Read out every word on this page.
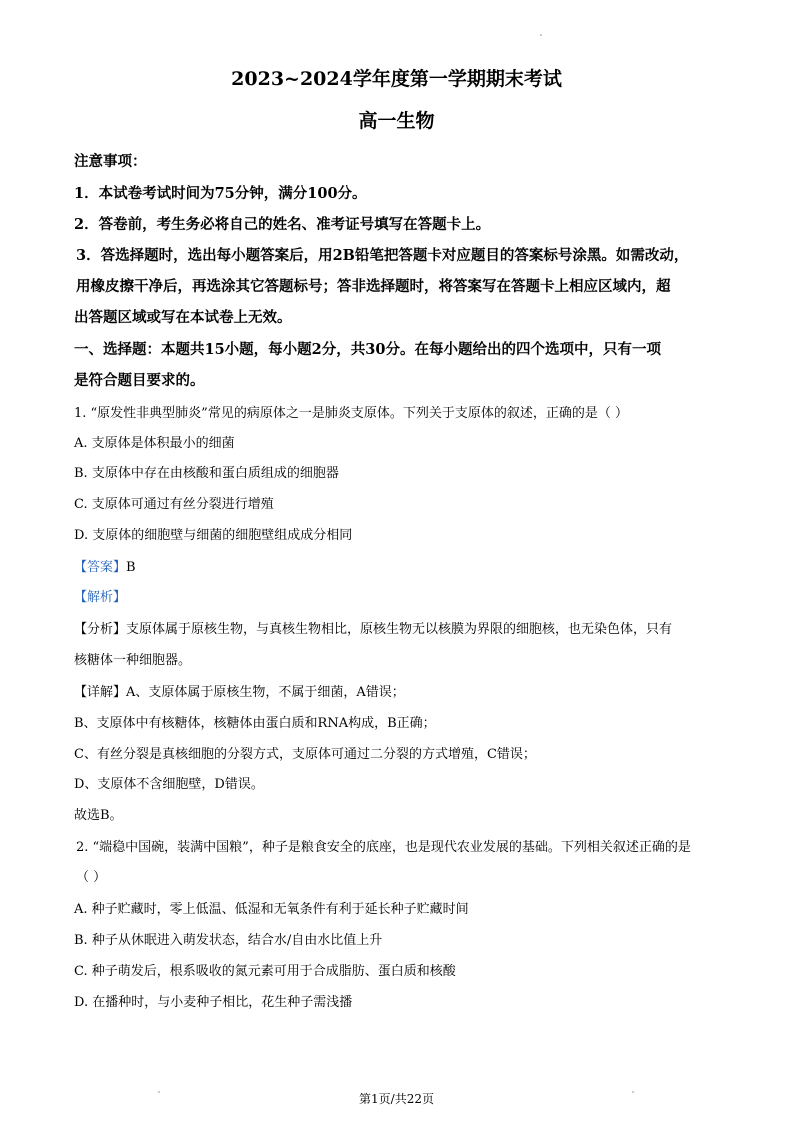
2023~2024学年度第一学期期末考试
高一生物
注意事项：
1．本试卷考试时间为75分钟，满分100分。
2．答卷前，考生务必将自己的姓名、准考证号填写在答题卡上。
3．答选择题时，选出每小题答案后，用2B铅笔把答题卡对应题目的答案标号涂黑。如需改动，
用橡皮擦干净后，再选涂其它答题标号；答非选择题时，将答案写在答题卡上相应区域内，超
出答题区域或写在本试卷上无效。
一、选择题：本题共15小题，每小题2分，共30分。在每小题给出的四个选项中，只有一项
是符合题目要求的。
1. “原发性非典型肺炎”常见的病原体之一是肺炎支原体。下列关于支原体的叙述，正确的是（ ）
A. 支原体是体积最小的细菌
B. 支原体中存在由核酸和蛋白质组成的细胞器
C. 支原体可通过有丝分裂进行增殖
D. 支原体的细胞壁与细菌的细胞壁组成成分相同
【答案】B
【解析】
【分析】支原体属于原核生物，与真核生物相比，原核生物无以核膜为界限的细胞核，也无染色体，只有
核糖体一种细胞器。
【详解】A、支原体属于原核生物，不属于细菌，A错误；
B、支原体中有核糖体，核糖体由蛋白质和RNA构成，B正确；
C、有丝分裂是真核细胞的分裂方式，支原体可通过二分裂的方式增殖，C错误；
D、支原体不含细胞壁，D错误。
故选B。
2. “端稳中国碗，装满中国粮”，种子是粮食安全的底座，也是现代农业发展的基础。下列相关叙述正确的是
（ ）
A. 种子贮藏时，零上低温、低湿和无氧条件有利于延长种子贮藏时间
B. 种子从休眠进入萌发状态，结合水/自由水比值上升
C. 种子萌发后，根系吸收的氮元素可用于合成脂肪、蛋白质和核酸
D. 在播种时，与小麦种子相比，花生种子需浅播
第1页/共22页
